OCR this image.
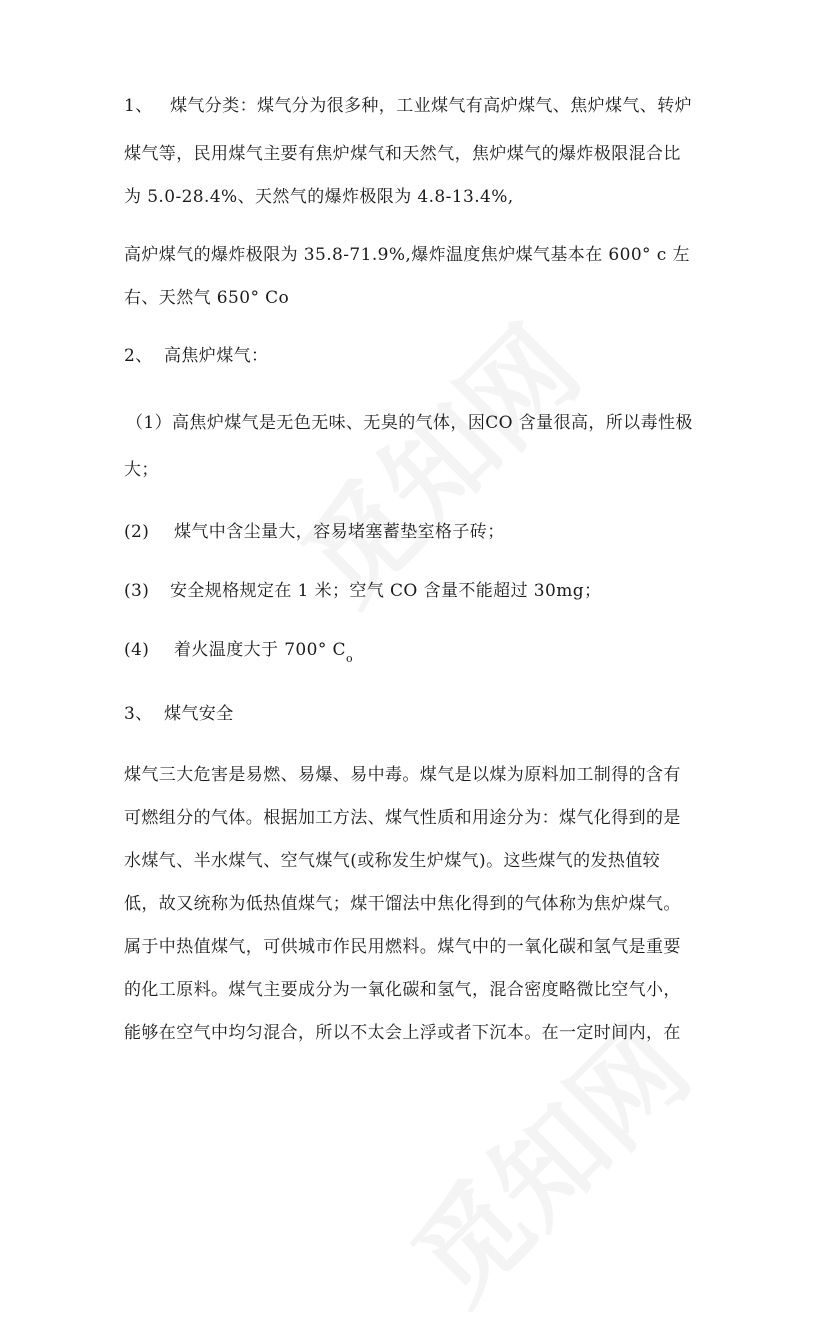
1、 煤气分类：煤气分为很多种，工业煤气有高炉煤气、焦炉煤气、转炉
煤气等，民用煤气主要有焦炉煤气和天然气，焦炉煤气的爆炸极限混合比
为 5.0-28.4%、天然气的爆炸极限为 4.8-13.4%,
高炉煤气的爆炸极限为 35.8-71.9%,爆炸温度焦炉煤气基本在 600° c 左
右、天然气 650° Co
2、 高焦炉煤气：
（1）高焦炉煤气是无色无味、无臭的气体，因CO 含量很高，所以毒性极
大；
(2) 煤气中含尘量大，容易堵塞蓄垫室格子砖；
(3) 安全规格规定在 1 米；空气 CO 含量不能超过 30mg；
(4) 着火温度大于 700° $C_o$
3、 煤气安全
煤气三大危害是易燃、易爆、易中毒。煤气是以煤为原料加工制得的含有
可燃组分的气体。根据加工方法、煤气性质和用途分为：煤气化得到的是
水煤气、半水煤气、空气煤气(或称发生炉煤气)。这些煤气的发热值较
低，故又统称为低热值煤气；煤干馏法中焦化得到的气体称为焦炉煤气。
属于中热值煤气，可供城市作民用燃料。煤气中的一氧化碳和氢气是重要
的化工原料。煤气主要成分为一氧化碳和氢气，混合密度略微比空气小，
能够在空气中均匀混合，所以不太会上浮或者下沉本。在一定时间内，在
